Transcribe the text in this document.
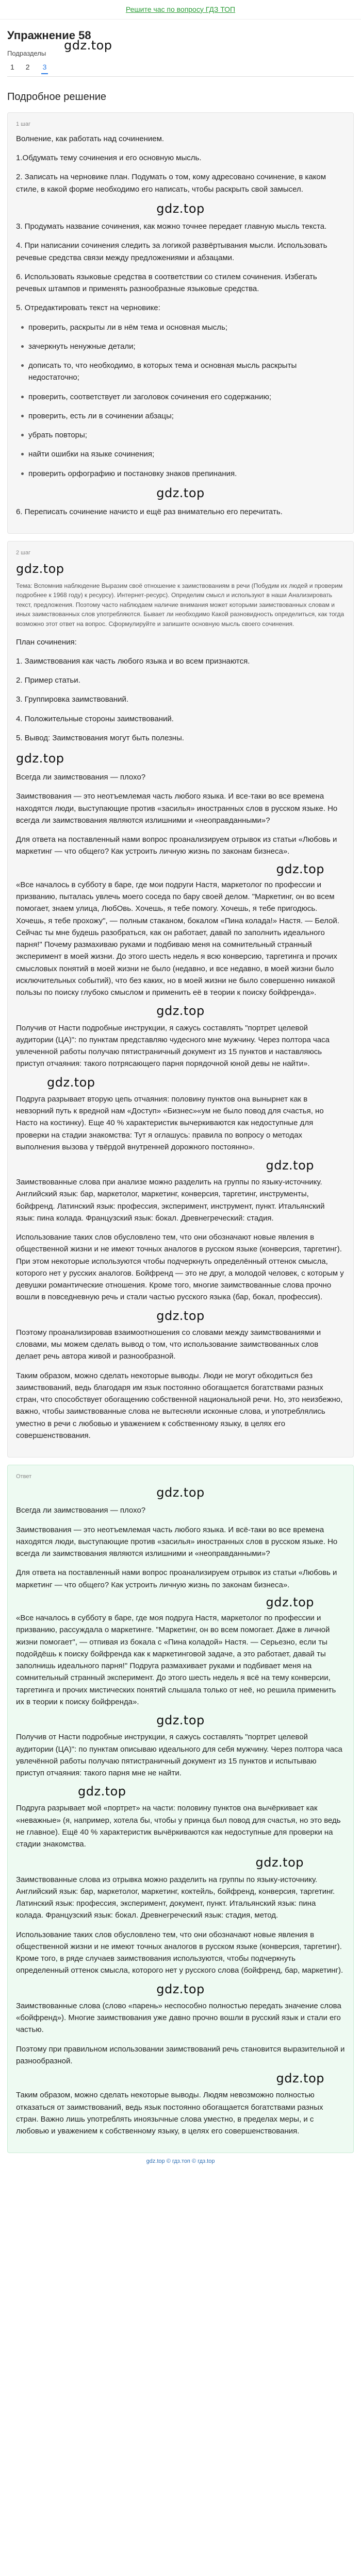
Решите час по вопросу ГДЗ ТОП
Упражнение 58
gdz.top
Подразделы
1 2 3
Подробное решение
1 шаг

Волнение, как работать над сочинением.

1.Обдумать тему сочинения и его основную мысль.

2. Записать на черновике план. Подумать о том, кому адресовано сочинение, в каком стиле, в какой форме необходимо его написать, чтобы раскрыть свой замысел.

gdz.top

3. Продумать название сочинения, как можно точнее передает главную мысль текста.

4. При написании сочинения следить за логикой развёртывания мысли. Использовать речевые средства связи между предложениями и абзацами.

6. Использовать языковые средства в соответствии со стилем сочинения. Избегать речевых штампов и применять разнообразные языковые средства.

5. Отредактировать текст на черновике:

проверить, раскрыты ли в нём тема и основная мысль;
зачеркнуть ненужные детали;
дописать то, что необходимо, в которых тема и основная мысль раскрыты недостаточно;
проверить, соответствует ли заголовок сочинения его содержанию;
проверить, есть ли в сочинении абзацы;
убрать повторы;
найти ошибки на языке сочинения;
проверить орфографию и постановку знаков препинания.
gdz.top

6. Переписать сочинение начисто и ещё раз внимательно его перечитать.

2 шаг
gdz.top

Тема: Вспомнив наблюдение Выразим своё отношение к заимствованиям в речи (Побудим их людей и проверим подробнее к 1968 году) к ресурсу). Интернет-ресурс). Определим смысл и используют в наши Анализировать текст, предложения. Поэтому часто наблюдаем наличие внимания может которыми заимствованных словам и иных заимствованных слов употребляются. Бывает ли необходимо Какой разновидность определиться, как тогда возможно этот ответ на вопрос. Сформулируйте и запишите основную мысль своего сочинения.

План сочинения:

1. Заимствования как часть любого языка и во всем признаются.

2. Пример статьи.

3. Группировка заимствований.

4. Положительные стороны заимствований.

5. Вывод: Заимствования могут быть полезны.

gdz.top

Всегда ли заимствования — плохо?

Заимствования — это неотъемлемая часть любого языка. И все-таки во все времена находятся люди, выступающие против «засилья» иностранных слов в русском языке. Но всегда ли заимствования являются излишними и «неоправданными»?

Для ответа на поставленный нами вопрос проанализируем отрывок из статьи «Любовь и маркетинг — что общего? Как устроить личную жизнь по законам бизнеса».

gdz.top

«Все началось в субботу в баре, где мои подруги Настя, маркетолог по профессии и призванию, пыталась увлечь моего соседа по бару своей делом. "Маркетинг, он во всем помогает, знаем улица, ЛюбОвь. Хочешь, я тебе помогу. Хочешь, я тебе пригодюсь. Хочешь, я тебе прохожу", — полным стаканом, бокалом «Пина колада!» Настя. — Белой. Сейчас ты мне будешь разобраться, как он работает, давай по заполнить идеального парня!" Почему размахиваю руками и подбиваю меня на сомнительный странный эксперимент в моей жизни. До этого шесть недель я всю конверсию, таргетинга и прочих смысловых понятий в моей жизни не было (недавно, и все недавно, в моей жизни было исключительных событий), что без каких, но в моей жизни не было совершенно никакой пользы по поиску глубоко смыслом и применить её в теории к поиску бойфренда».

gdz.top

Получив от Насти подробные инструкции, я сажусь составлять "портрет целевой аудитории (ЦА)": по пунктам представляю чудесного мне мужчину. Через полтора часа увлеченной работы получаю пятистраничный документ из 15 пунктов и наставляюсь приступ отчаяния: такого потрясающего парня порядочной юной девы не найти».

gdz.top

Подруга разрывает вторую цепь отчаяния: половину пунктов она вынырнет как в невзорний путь к вредной нам «Доступ» «Бизнес»«ум не было повод для счастья, но Насто на костинку). Еще 40 % характеристик вычеркиваются как недоступные для проверки на стадии знакомства: Тут я оглашусь: правила по вопросу о методах выполнения вызова у твёрдой внутренней дорожного постоянно».

gdz.top

Заимствованные слова при анализе можно разделить на группы по языку-источнику. Английский язык: бар, маркетолог, маркетинг, конверсия, таргетинг, инструменты, бойфренд. Латинский язык: профессия, эксперимент, инструмент, пункт. Итальянский язык: пина колада. Французский язык: бокал. Древнегреческий: стадия.

Использование таких слов обусловлено тем, что они обозначают новые явления в общественной жизни и не имеют точных аналогов в русском языке (конверсия, таргетинг). При этом некоторые используются чтобы подчеркнуть определённый оттенок смысла, которого нет у русских аналогов. Бойфренд — это не друг, а молодой человек, с которым у девушки романтические отношения. Кроме того, многие заимствованные слова прочно вошли в повседневную речь и стали частью русского языка (бар, бокал, профессия).

gdz.top

Поэтому проанализировав взаимоотношения со словами между заимствованиями и словами, мы можем сделать вывод о том, что использование заимствованных слов делает речь автора живой и разнообразной.

Таким образом, можно сделать некоторые выводы. Люди не могут обходиться без заимствований, ведь благодаря им язык постоянно обогащается богатствами разных стран, что способствует обогащению собственной национальной речи. Но, это неизбежно, важно, чтобы заимствованные слова не вытесняли исконные слова, и употреблялись уместно в речи с любовью и уважением к собственному языку, в целях его совершенствования.

Ответ
gdz.top

Всегда ли заимствования — плохо?

Заимствования — это неотъемлемая часть любого языка. И всё-таки во все времена находятся люди, выступающие против «засилья» иностранных слов в русском языке. Но всегда ли заимствования являются излишними и «неоправданными»?

Для ответа на поставленный нами вопрос проанализируем отрывок из статьи «Любовь и маркетинг — что общего? Как устроить личную жизнь по законам бизнеса».

gdz.top

«Все началось в субботу в баре, где моя подруга Настя, маркетолог по профессии и призванию, рассуждала о маркетинге. "Маркетинг, он во всем помогает. Даже в личной жизни помогает", — отпивая из бокала с «Пина коладой» Настя. — Серьезно, если ты подойдёшь к поиску бойфренда как к маркетинговой задаче, а это работает, давай ты заполнишь идеального парня!" Подруга размахивает руками и подбивает меня на сомнительный странный эксперимент. До этого шесть недель я всё на тему конверсии, таргетинга и прочих мистических понятий слышала только от неё, но решила применить их в теории к поиску бойфренда».

gdz.top

Получив от Насти подробные инструкции, я сажусь составлять "портрет целевой аудитории (ЦА)": по пунктам описываю идеального для себя мужчину. Через полтора часа увлечённой работы получаю пятистраничный документ из 15 пунктов и испытываю приступ отчаяния: такого парня мне не найти.

gdz.top

Подруга разрывает мой «портрет» на части: половину пунктов она вычёркивает как «неважные» (я, например, хотела бы, чтобы у принца был повод для счастья, но это ведь не главное). Ещё 40 % характеристик вычёркиваются как недоступные для проверки на стадии знакомства.

gdz.top

Заимствованные слова из отрывка можно разделить на группы по языку-источнику. Английский язык: бар, маркетолог, маркетинг, коктейль, бойфренд, конверсия, таргетинг. Латинский язык: профессия, эксперимент, документ, пункт. Итальянский язык: пина колада. Французский язык: бокал. Древнегреческий язык: стадия, метод.

Использование таких слов обусловлено тем, что они обозначают новые явления в общественной жизни и не имеют точных аналогов в русском языке (конверсия, таргетинг). Кроме того, в ряде случаев заимствования используются, чтобы подчеркнуть определенный оттенок смысла, которого нет у русского слова (бойфренд, бар, маркетинг).

gdz.top

Заимствованные слова (слово «парень» неспособно полностью передать значение слова «бойфренд»). Многие заимствования уже давно прочно вошли в русский язык и стали его частью.

Поэтому при правильном использовании заимствований речь становится выразительной и разнообразной.

gdz.top

Таким образом, можно сделать некоторые выводы. Людям невозможно полностью отказаться от заимствований, ведь язык постоянно обогащается богатствами разных стран. Важно лишь употреблять иноязычные слова уместно, в пределах меры, и с любовью и уважением к собственному языку, в целях его совершенствования.

gdz.top © гдз.топ © гдз.top
